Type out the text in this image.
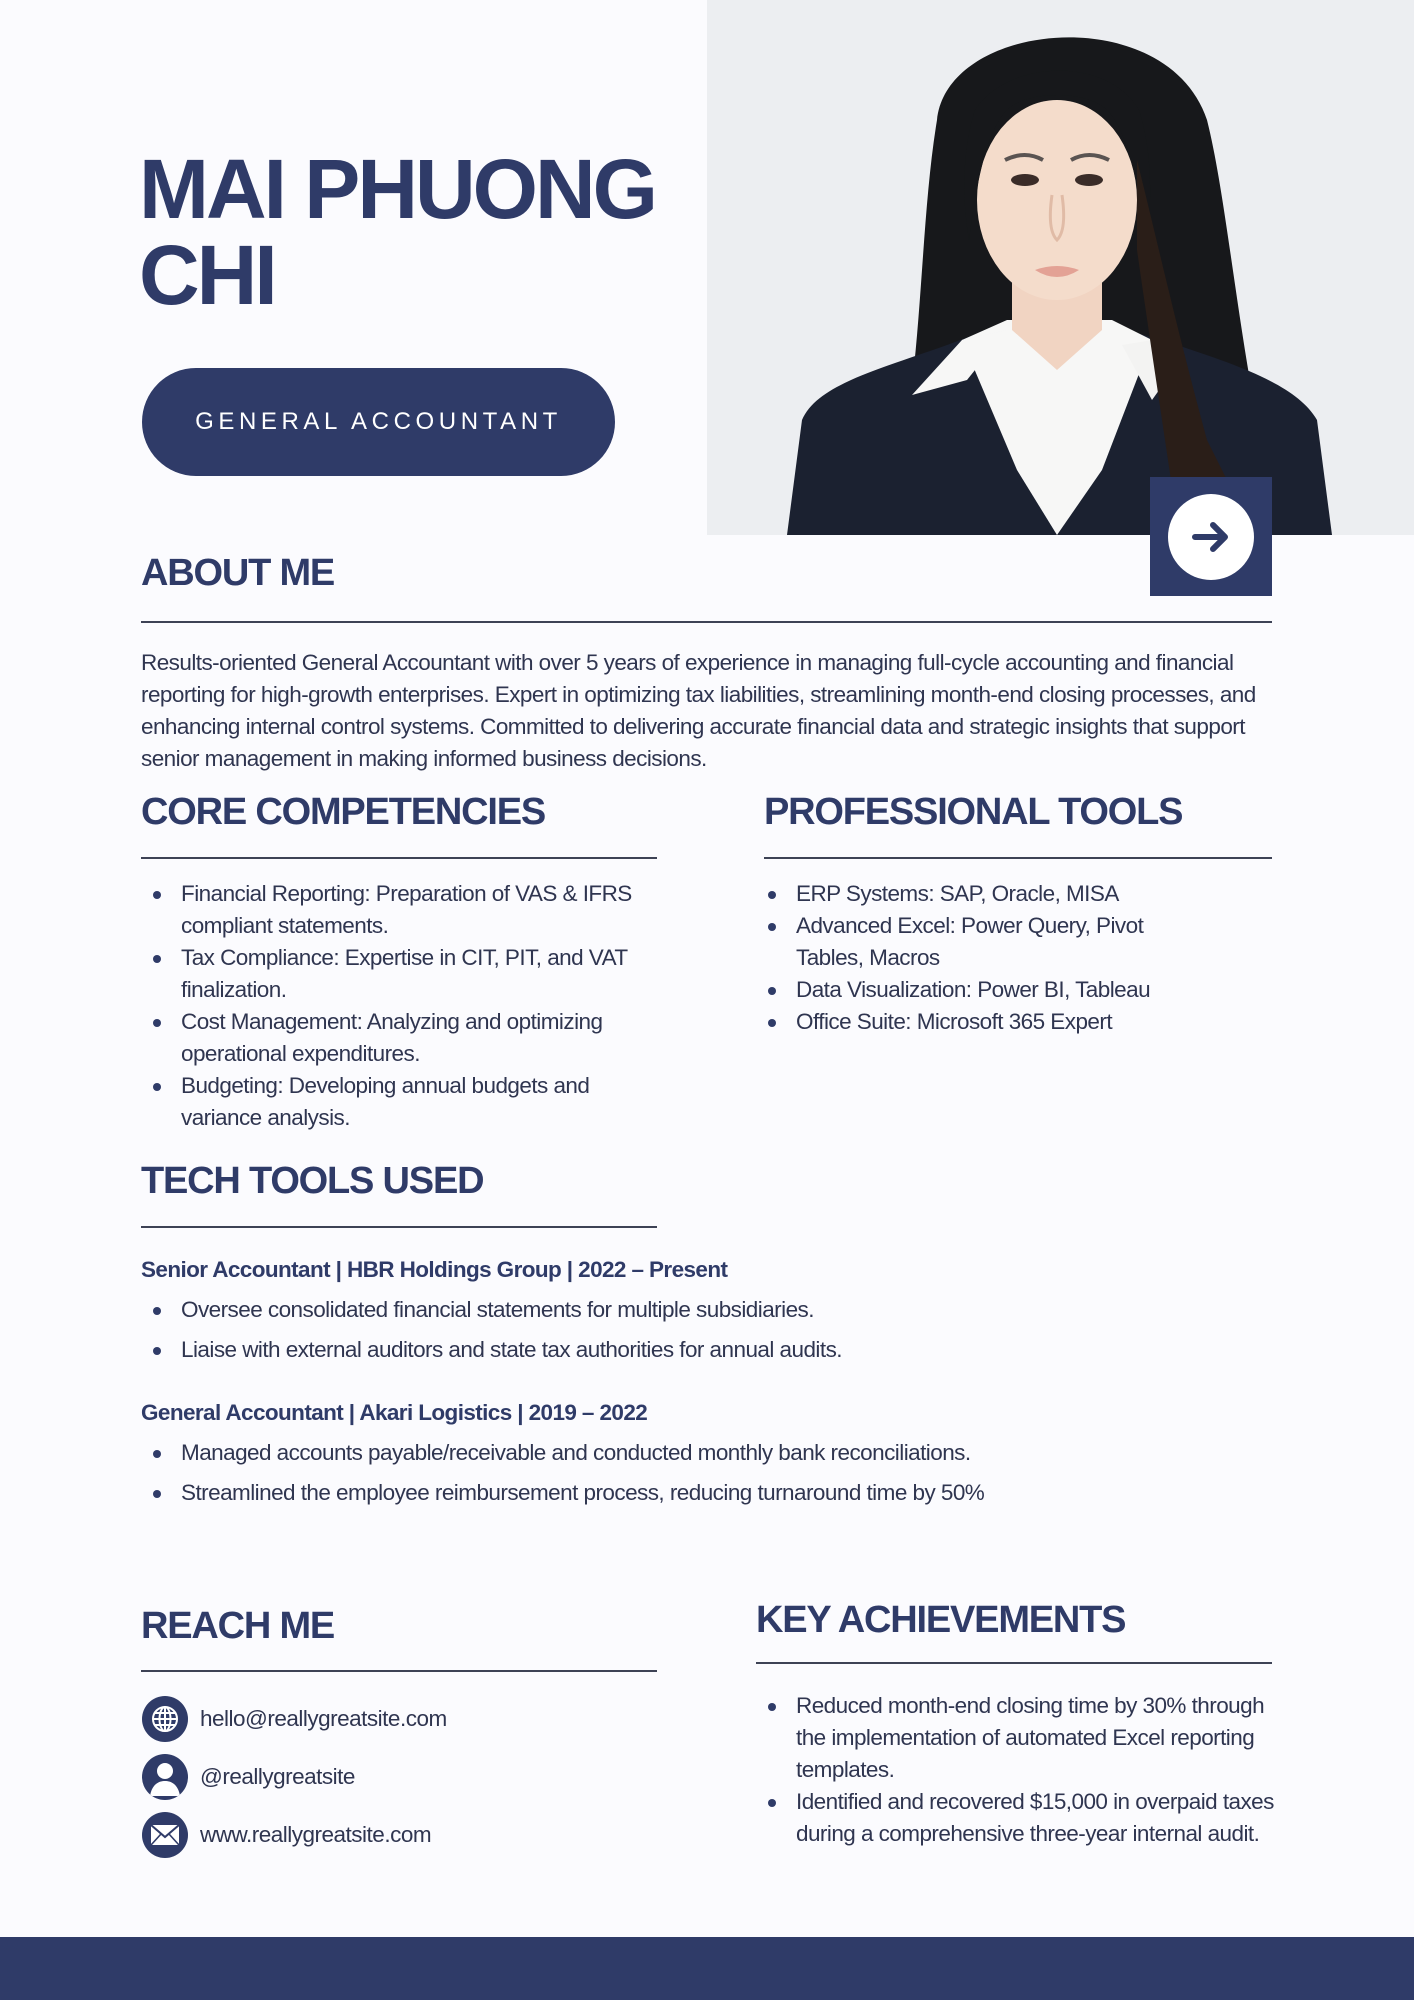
MAI PHUONG
CHI
GENERAL ACCOUNTANT
ABOUT ME

Results-oriented General Accountant with over 5 years of experience in managing full-cycle accounting and financial reporting for high-growth enterprises. Expert in optimizing tax liabilities, streamlining month-end closing processes, and enhancing internal control systems. Committed to delivering accurate financial data and strategic insights that support senior management in making informed business decisions.

CORE COMPETENCIES
Financial Reporting: Preparation of VAS & IFRS compliant statements.
Tax Compliance: Expertise in CIT, PIT, and VAT finalization.
Cost Management: Analyzing and optimizing operational expenditures.
Budgeting: Developing annual budgets and variance analysis.
PROFESSIONAL TOOLS
ERP Systems: SAP, Oracle, MISA
Advanced Excel: Power Query, Pivot Tables, Macros
Data Visualization: Power BI, Tableau
Office Suite: Microsoft 365 Expert
TECH TOOLS USED
Senior Accountant | HBR Holdings Group | 2022 – Present
Oversee consolidated financial statements for multiple subsidiaries.
Liaise with external auditors and state tax authorities for annual audits.
General Accountant | Akari Logistics | 2019 – 2022
Managed accounts payable/receivable and conducted monthly bank reconciliations.
Streamlined the employee reimbursement process, reducing turnaround time by 50%
REACH ME
hello@reallygreatsite.com
@reallygreatsite
www.reallygreatsite.com
KEY ACHIEVEMENTS
Reduced month-end closing time by 30% through the implementation of automated Excel reporting templates.
Identified and recovered $15,000 in overpaid taxes during a comprehensive three-year internal audit.
